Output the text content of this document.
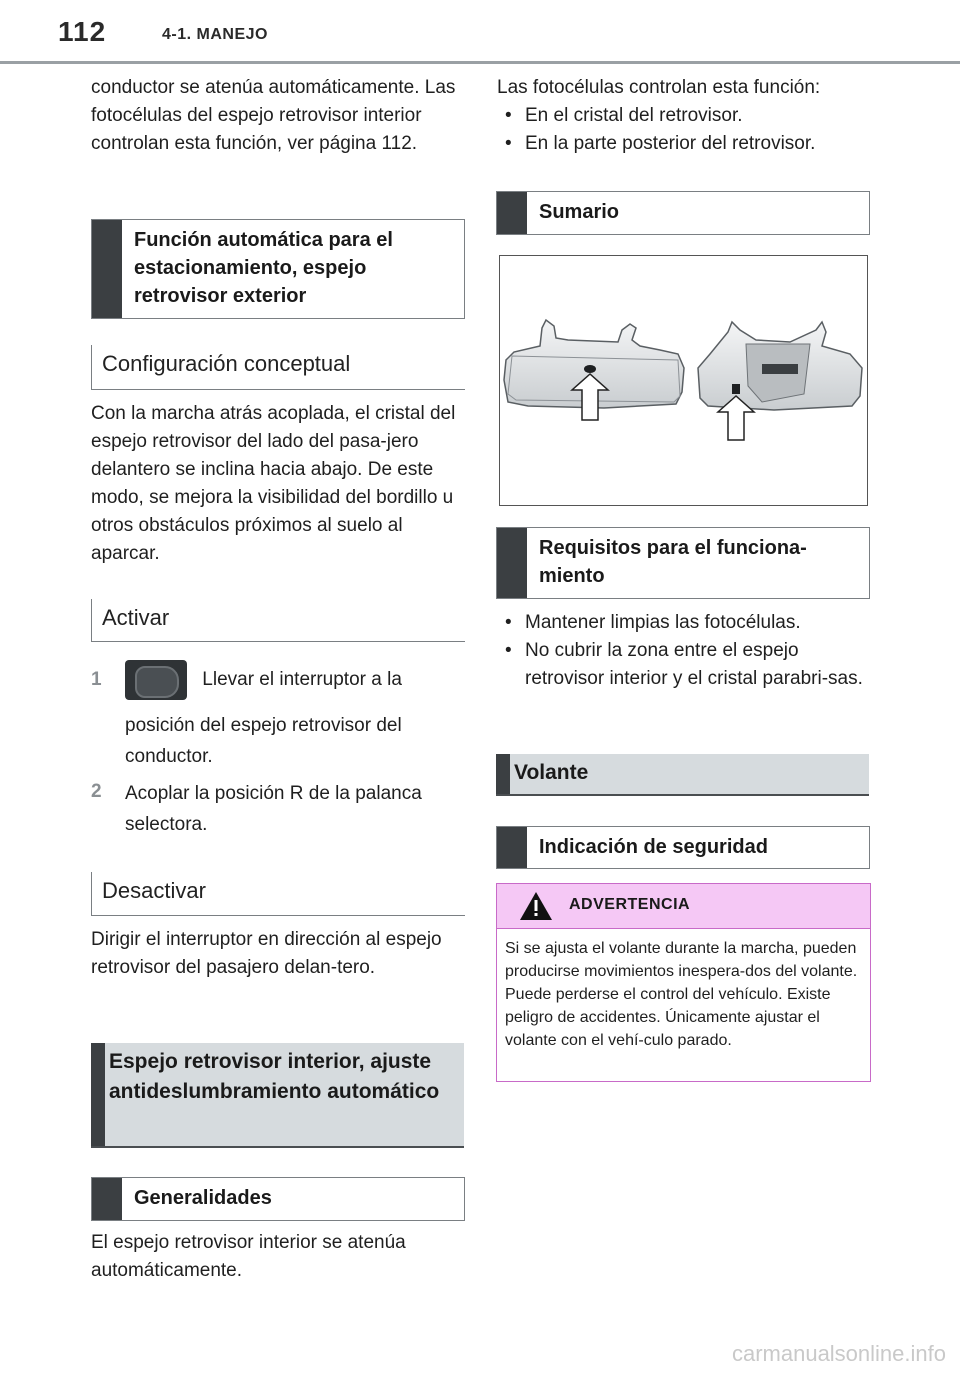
112	4-1. MANEJO

conductor se atenúa automáticamente. Las fotocélulas del espejo retrovisor interior controlan esta función, ver página 112.

Función automática para el estacionamiento, espejo retrovisor exterior
Configuración conceptual

Con la marcha atrás acoplada, el cristal del espejo retrovisor del lado del pasa-jero delantero se inclina hacia abajo. De este modo, se mejora la visibilidad del bordillo u otros obstáculos próximos al suelo al aparcar.

Activar
1	Llevar el interruptor a la
posición del espejo retrovisor del conductor.
2	Acoplar la posición R de la palanca selectora.
Desactivar

Dirigir el interruptor en dirección al espejo retrovisor del pasajero delan-tero.

Espejo retrovisor interior, ajuste antideslumbramiento automático
Generalidades

El espejo retrovisor interior se atenúa automáticamente.

Las fotocélulas controlan esta función:

• En el cristal del retrovisor.
• En la parte posterior del retrovisor.
Sumario
Requisitos para el funciona-miento
• Mantener limpias las fotocélulas.
• No cubrir la zona entre el espejo retrovisor interior y el cristal parabri-sas.
Volante
Indicación de seguridad
ADVERTENCIA
Si se ajusta el volante durante la marcha, pueden producirse movimientos inespera-dos del volante. Puede perderse el control del vehículo. Existe peligro de accidentes. Únicamente ajustar el volante con el vehí-culo parado.
carmanualsonline.info
